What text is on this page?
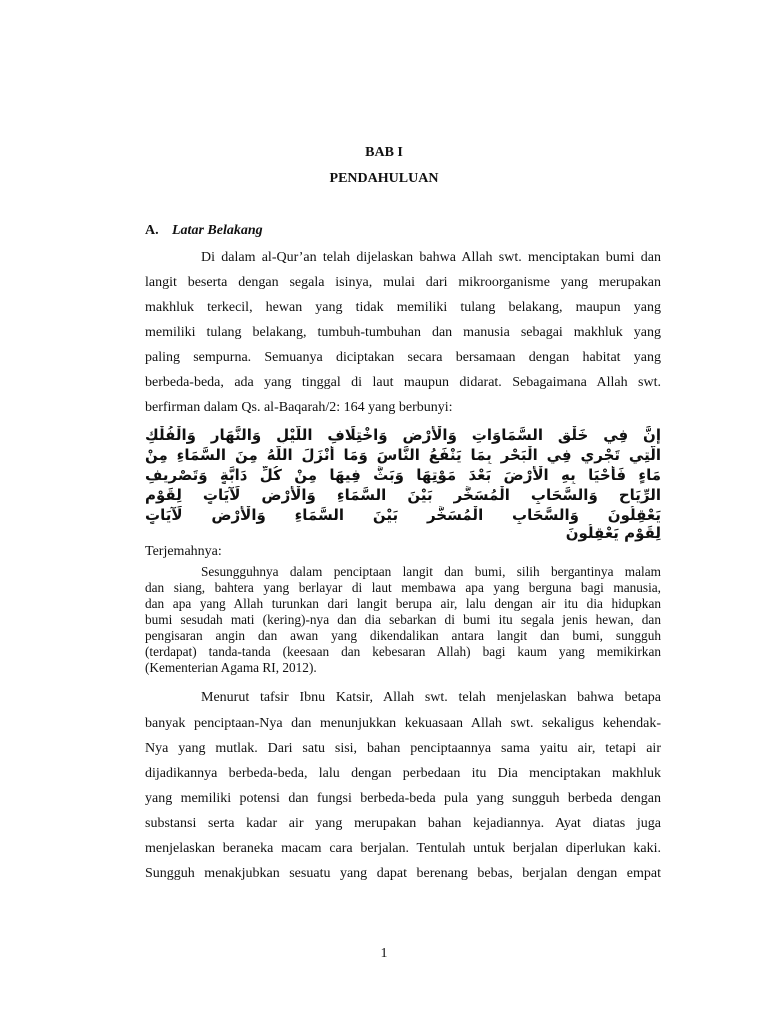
BAB I
PENDAHULUAN
A. Latar Belakang
Di dalam al-Qur’an telah dijelaskan bahwa Allah swt. menciptakan bumi dan
langit beserta dengan segala isinya, mulai dari mikroorganisme yang merupakan
makhluk terkecil, hewan yang tidak memiliki tulang belakang, maupun yang
memiliki tulang belakang, tumbuh-tumbuhan dan manusia sebagai makhluk yang
paling sempurna. Semuanya diciptakan secara bersamaan dengan habitat yang
berbeda-beda, ada yang tinggal di laut maupun didarat. Sebagaimana Allah swt.
berfirman dalam Qs. al-Baqarah/2: 164 yang berbunyi:
إِنَّ فِي خَلْقِ السَّمَاوَاتِ وَالْأَرْضِ وَاخْتِلَافِ اللَّيْلِ وَالنَّهَارِ وَالْفُلْكِ
الَّتِي تَجْرِي فِي الْبَحْرِ بِمَا يَنْفَعُ النَّاسَ وَمَا أَنْزَلَ اللَّهُ مِنَ السَّمَاءِ مِنْ
مَاءٍ فَأَحْيَا بِهِ الْأَرْضَ بَعْدَ مَوْتِهَا وَبَثَّ فِيهَا مِنْ كُلِّ دَابَّةٍ وَتَصْرِيفِ
الرِّيَاحِ وَالسَّحَابِ الْمُسَخَّرِ بَيْنَ السَّمَاءِ وَالْأَرْضِ لَآيَاتٍ لِقَوْمٍ
يَعْقِلُونَ وَالسَّحَابِ الْمُسَخَّرِ بَيْنَ السَّمَاءِ وَالْأَرْضِ لَآيَاتٍ
لِقَوْمٍ يَعْقِلُونَ
Terjemahnya:
Sesungguhnya dalam penciptaan langit dan bumi, silih bergantinya malam
dan siang, bahtera yang berlayar di laut membawa apa yang berguna bagi manusia,
dan apa yang Allah turunkan dari langit berupa air, lalu dengan air itu dia hidupkan
bumi sesudah mati (kering)-nya dan dia sebarkan di bumi itu segala jenis hewan, dan
pengisaran angin dan awan yang dikendalikan antara langit dan bumi, sungguh
(terdapat) tanda-tanda (keesaan dan kebesaran Allah) bagi kaum yang memikirkan
(Kementerian Agama RI, 2012).
Menurut tafsir Ibnu Katsir, Allah swt. telah menjelaskan bahwa betapa
banyak penciptaan-Nya dan menunjukkan kekuasaan Allah swt. sekaligus kehendak-
Nya yang mutlak. Dari satu sisi, bahan penciptaannya sama yaitu air, tetapi air
dijadikannya berbeda-beda, lalu dengan perbedaan itu Dia menciptakan makhluk
yang memiliki potensi dan fungsi berbeda-beda pula yang sungguh berbeda dengan
substansi serta kadar air yang merupakan bahan kejadiannya. Ayat diatas juga
menjelaskan beraneka macam cara berjalan. Tentulah untuk berjalan diperlukan kaki.
Sungguh menakjubkan sesuatu yang dapat berenang bebas, berjalan dengan empat
1
